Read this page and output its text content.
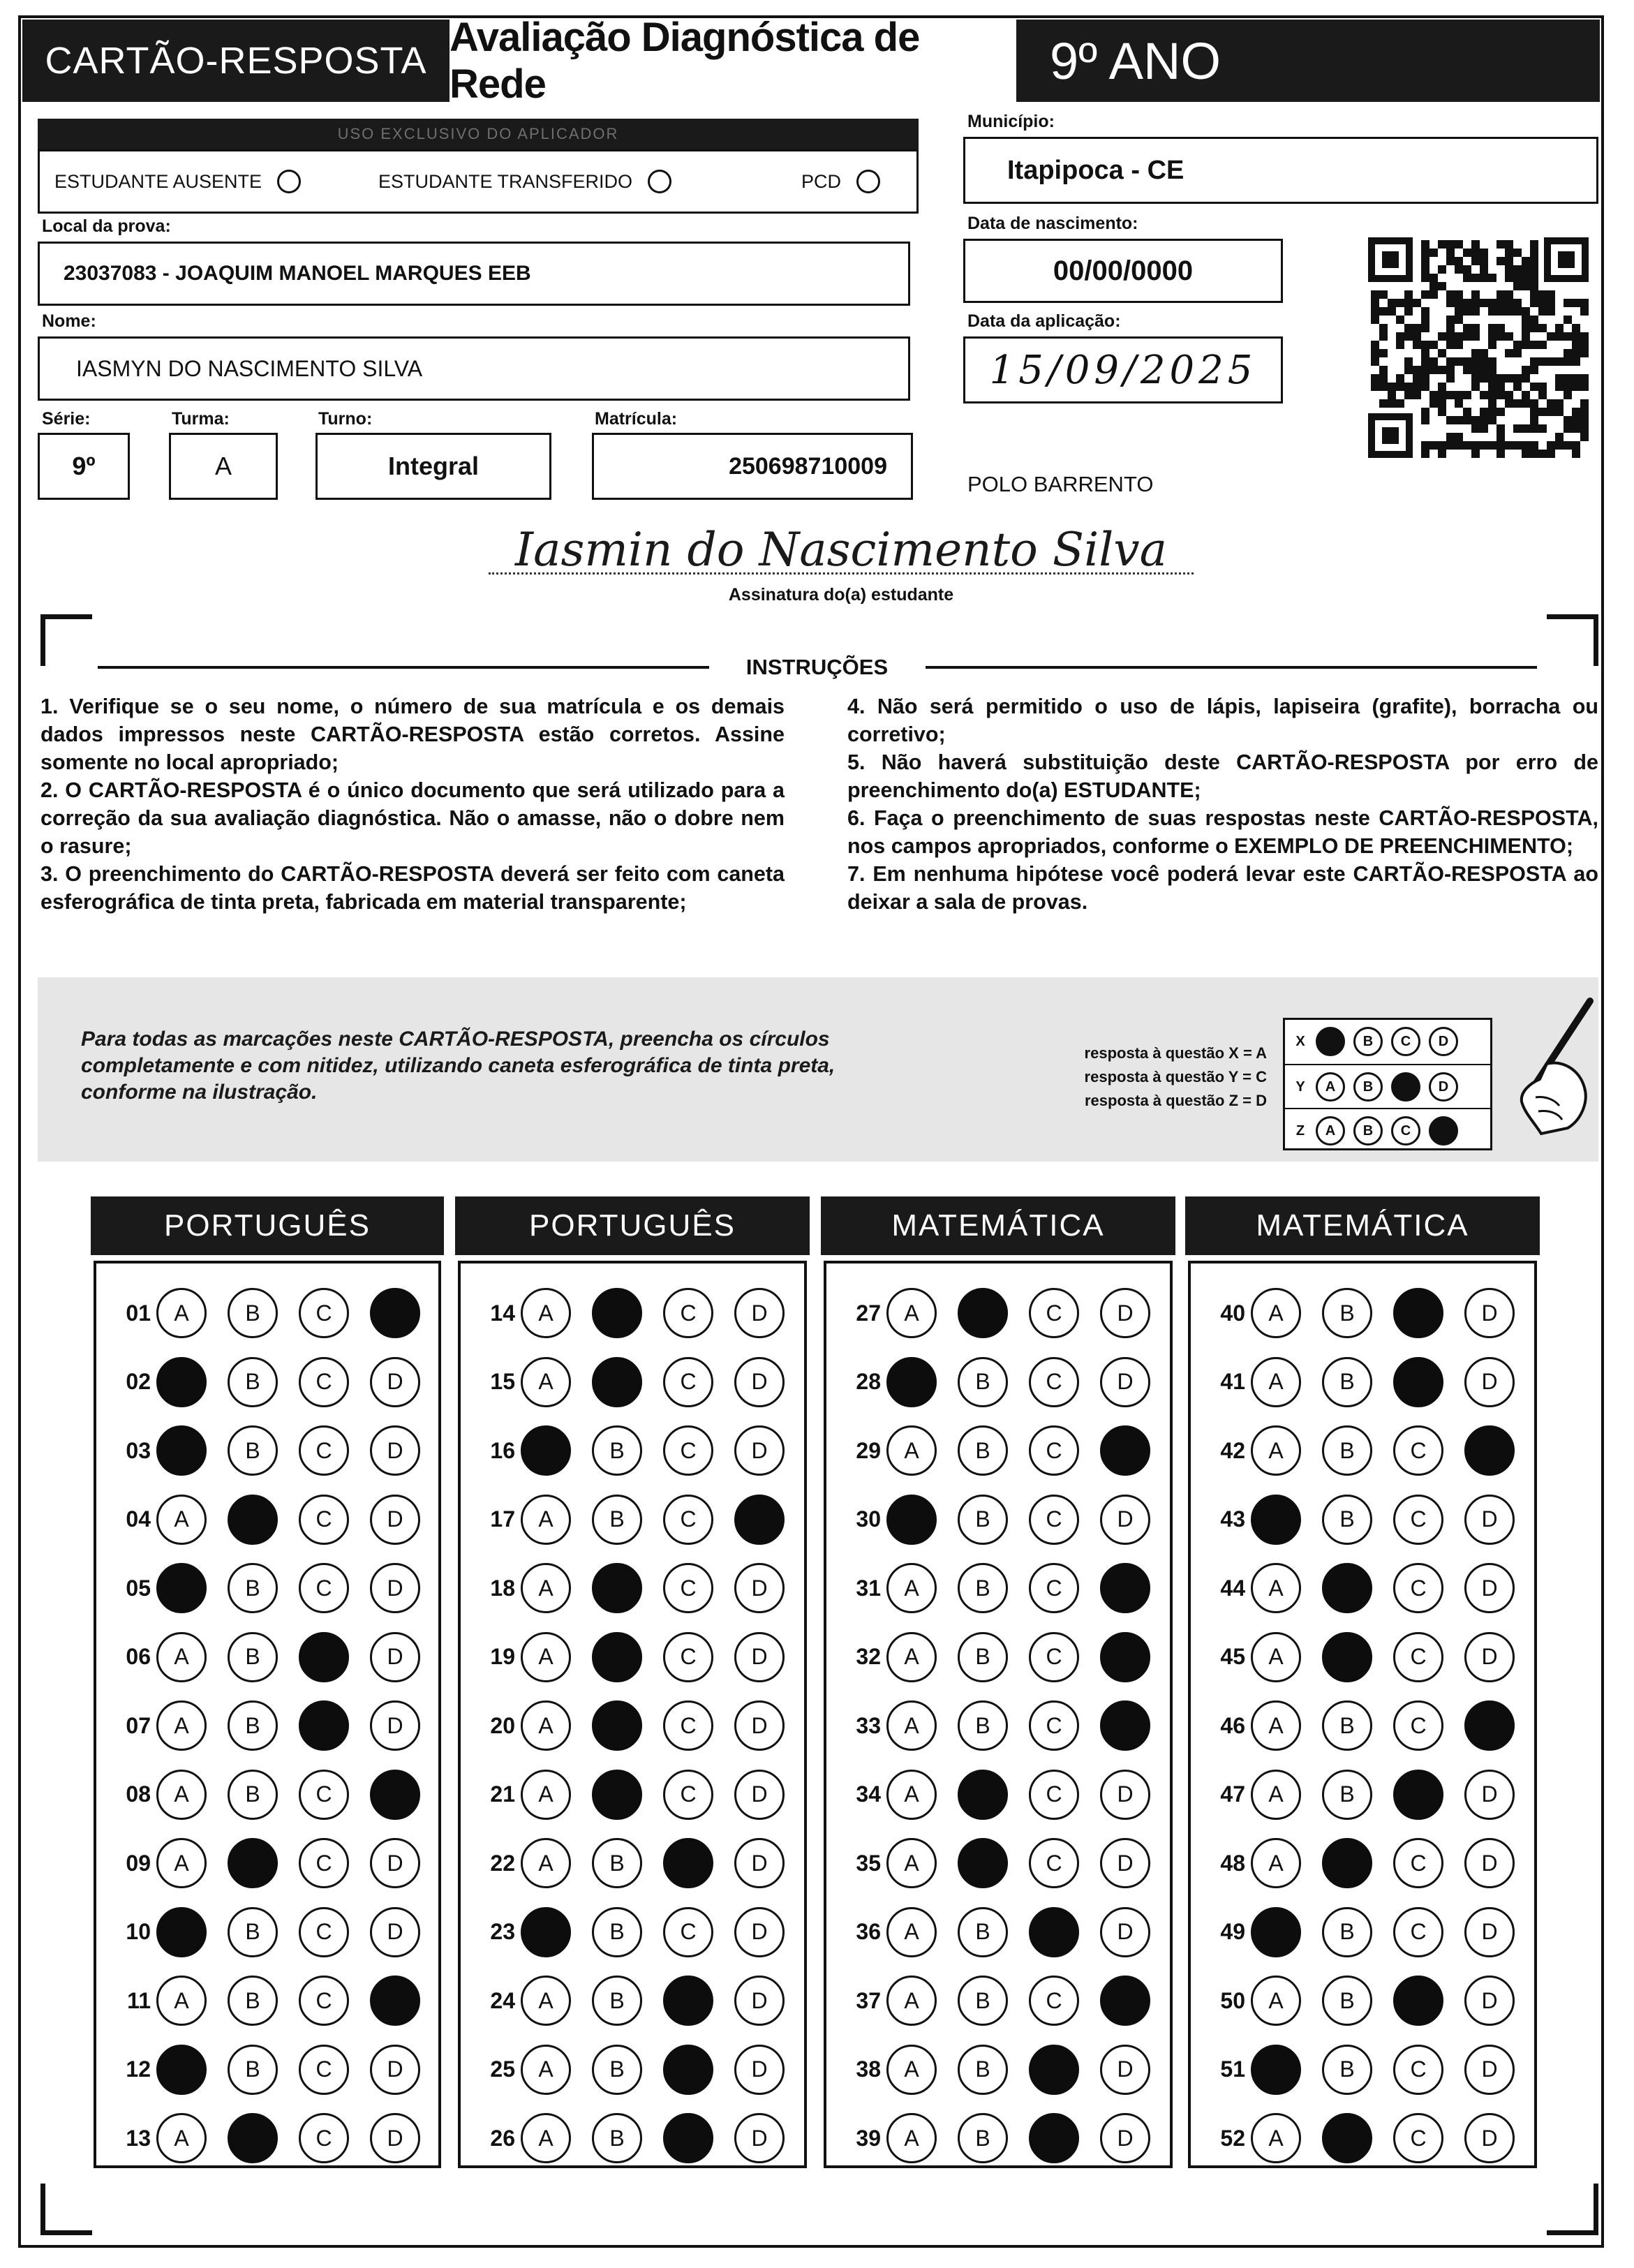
CARTÃO-RESPOSTA
Avaliação Diagnóstica de Rede	9º ANO
USO EXCLUSIVO DO APLICADOR
ESTUDANTE AUSENTE	ESTUDANTE TRANSFERIDO	PCD
Local da prova:
23037083 - JOAQUIM MANOEL MARQUES EEB
Nome:
IASMYN DO NASCIMENTO SILVA
Série:
9º
Turma:
A
Turno:
Integral
Matrícula:
250698710009
Município:
Itapipoca - CE
Data de nascimento:
00/00/0000
Data da aplicação:
15/09/2025
POLO BARRENTO
Iasmin do Nascimento Silva
Assinatura do(a) estudante
INSTRUÇÕES

1. Verifique se o seu nome, o número de sua matrícula e os demais dados impressos neste CARTÃO-RESPOSTA estão corretos. Assine somente no local apropriado;

2. O CARTÃO-RESPOSTA é o único documento que será utilizado para a correção da sua avaliação diagnóstica. Não o amasse, não o dobre nem o rasure;

3. O preenchimento do CARTÃO-RESPOSTA deverá ser feito com caneta esferográfica de tinta preta, fabricada em material transparente;

4. Não será permitido o uso de lápis, lapiseira (grafite), borracha ou corretivo;

5. Não haverá substituição deste CARTÃO-RESPOSTA por erro de preenchimento do(a) ESTUDANTE;

6. Faça o preenchimento de suas respostas neste CARTÃO-RESPOSTA, nos campos apropriados, conforme o EXEMPLO DE PREENCHIMENTO;

7. Em nenhuma hipótese você poderá levar este CARTÃO-RESPOSTA ao deixar a sala de provas.

Para todas as marcações neste CARTÃO-RESPOSTA, preencha os círculos completamente e com nitidez, utilizando caneta esferográfica de tinta preta, conforme na ilustração.
resposta à questão X = A
resposta à questão Y = C
resposta à questão Z = D
X	B	C	D
Y	A	B	D
Z	A	B	C
PORTUGUÊS	PORTUGUÊS	MATEMÁTICA	MATEMÁTICA
01	A	B	C
02	B	C	D
03	B	C	D
04	A	C	D
05	B	C	D
06	A	B	D
07	A	B	D
08	A	B	C
09	A	C	D
10	B	C	D
11	A	B	C
12	B	C	D
13	A	C	D
14	A	C	D
15	A	C	D
16	B	C	D
17	A	B	C
18	A	C	D
19	A	C	D
20	A	C	D
21	A	C	D
22	A	B	D
23	B	C	D
24	A	B	D
25	A	B	D
26	A	B	D
27	A	C	D
28	B	C	D
29	A	B	C
30	B	C	D
31	A	B	C
32	A	B	C
33	A	B	C
34	A	C	D
35	A	C	D
36	A	B	D
37	A	B	C
38	A	B	D
39	A	B	D
40	A	B	D
41	A	B	D
42	A	B	C
43	B	C	D
44	A	C	D
45	A	C	D
46	A	B	C
47	A	B	D
48	A	C	D
49	B	C	D
50	A	B	D
51	B	C	D
52	A	C	D
